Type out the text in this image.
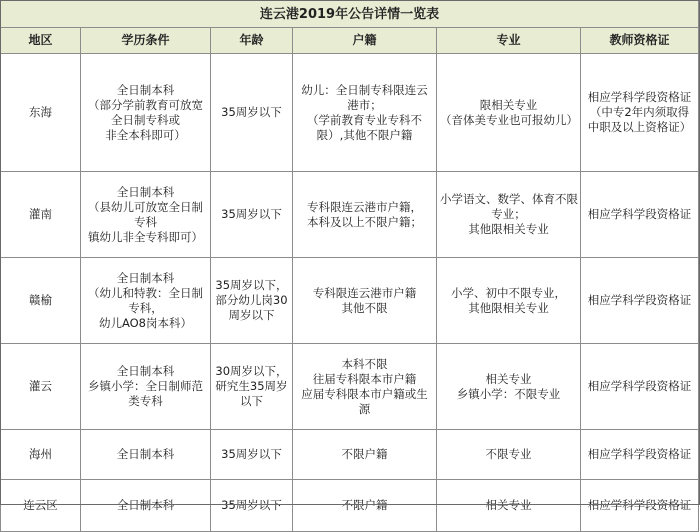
连云港2019年公告详情一览表					
地区	学历条件	年龄	户籍	专业	教师资格证
东海	全日制本科
（部分学前教育可放宽
全日制专科或
非全本科即可）	35周岁以下	幼儿：全日制专科限连云
港市；
（学前教育专业专科不
限）,其他不限户籍	限相关专业
（音体美专业也可报幼儿）	相应学科学段资格证
（中专2年内须取得
中职及以上资格证）

灌南	全日制本科
（县幼儿可放宽全日制
专科
镇幼儿非全专科即可）	35周岁以下	专科限连云港市户籍，
本科及以上不限户籍；	小学语文、数学、体育不限
专业；
其他限相关专业	相应学科学段资格证

赣榆	全日制本科
（幼儿和特教：全日制
专科，
幼儿AO8岗本科）	35周岁以下，
部分幼儿岗30
周岁以下	专科限连云港市户籍
其他不限	小学、初中不限专业，
其他限相关专业	相应学科学段资格证

灌云	全日制本科
乡镇小学：全日制师范
类专科	30周岁以下，
研究生35周岁
以下	本科不限
往届专科限本市户籍
应届专科限本市户籍或生
源	相关专业
乡镇小学：不限专业	相应学科学段资格证

海州	全日制本科	35周岁以下	不限户籍	不限专业	相应学科学段资格证

连云区	全日制本科	35周岁以下	不限户籍	相关专业	相应学科学段资格证
